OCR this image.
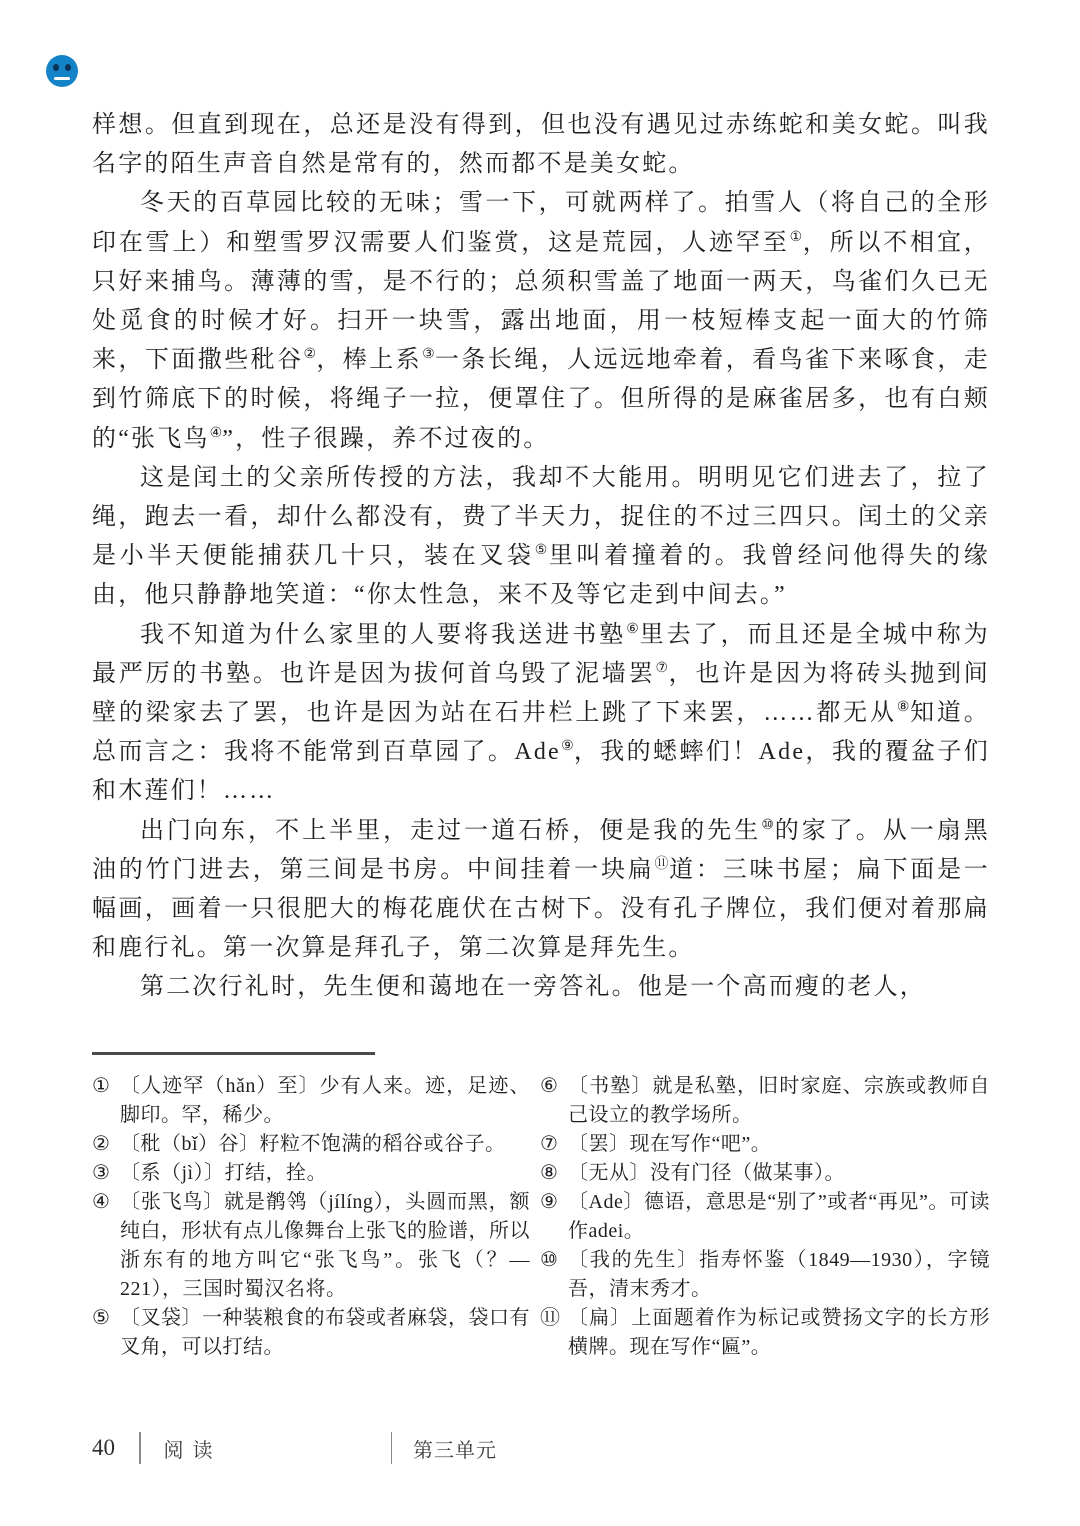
样想。但直到现在，总还是没有得到，但也没有遇见过赤练蛇和美女蛇。叫我名字的陌生声音自然是常有的，然而都不是美女蛇。

冬天的百草园比较的无味；雪一下，可就两样了。拍雪人（将自己的全形印在雪上）和塑雪罗汉需要人们鉴赏，这是荒园，人迹罕至①，所以不相宜，只好来捕鸟。薄薄的雪，是不行的；总须积雪盖了地面一两天，鸟雀们久已无处觅食的时候才好。扫开一块雪，露出地面，用一枝短棒支起一面大的竹筛来，下面撒些秕谷②，棒上系③一条长绳，人远远地牵着，看鸟雀下来啄食，走到竹筛底下的时候，将绳子一拉，便罩住了。但所得的是麻雀居多，也有白颊的“张飞鸟④”，性子很躁，养不过夜的。

这是闰土的父亲所传授的方法，我却不大能用。明明见它们进去了，拉了绳，跑去一看，却什么都没有，费了半天力，捉住的不过三四只。闰土的父亲是小半天便能捕获几十只，装在叉袋⑤里叫着撞着的。我曾经问他得失的缘由，他只静静地笑道：“你太性急，来不及等它走到中间去。”

我不知道为什么家里的人要将我送进书塾⑥里去了，而且还是全城中称为最严厉的书塾。也许是因为拔何首乌毁了泥墙罢⑦，也许是因为将砖头抛到间壁的梁家去了罢，也许是因为站在石井栏上跳了下来罢，……都无从⑧知道。总而言之：我将不能常到百草园了。Ade⑨，我的蟋蟀们！Ade，我的覆盆子们和木莲们！……

出门向东，不上半里，走过一道石桥，便是我的先生⑩的家了。从一扇黑油的竹门进去，第三间是书房。中间挂着一块扁⑪道：三味书屋；扁下面是一幅画，画着一只很肥大的梅花鹿伏在古树下。没有孔子牌位，我们便对着那扁和鹿行礼。第一次算是拜孔子，第二次算是拜先生。

第二次行礼时，先生便和蔼地在一旁答礼。他是一个高而瘦的老人，

① 〔人迹罕（hǎn）至〕少有人来。迹，足迹、脚印。罕，稀少。
② 〔秕（bǐ）谷〕籽粒不饱满的稻谷或谷子。
③ 〔系（jì）〕打结，拴。
④ 〔张飞鸟〕就是鹡鸰（jílíng），头圆而黑，额纯白，形状有点儿像舞台上张飞的脸谱，所以浙东有的地方叫它“张飞鸟”。张飞（？—221），三国时蜀汉名将。
⑤ 〔叉袋〕一种装粮食的布袋或者麻袋，袋口有叉角，可以打结。
⑥ 〔书塾〕就是私塾，旧时家庭、宗族或教师自己设立的教学场所。
⑦ 〔罢〕现在写作“吧”。
⑧ 〔无从〕没有门径（做某事）。
⑨ 〔Ade〕德语，意思是“别了”或者“再见”。可读作adei。
⑩ 〔我的先生〕指寿怀鉴（1849—1930），字镜吾，清末秀才。
⑪ 〔扁〕上面题着作为标记或赞扬文字的长方形横牌。现在写作“匾”。
40 阅 读	第三单元
